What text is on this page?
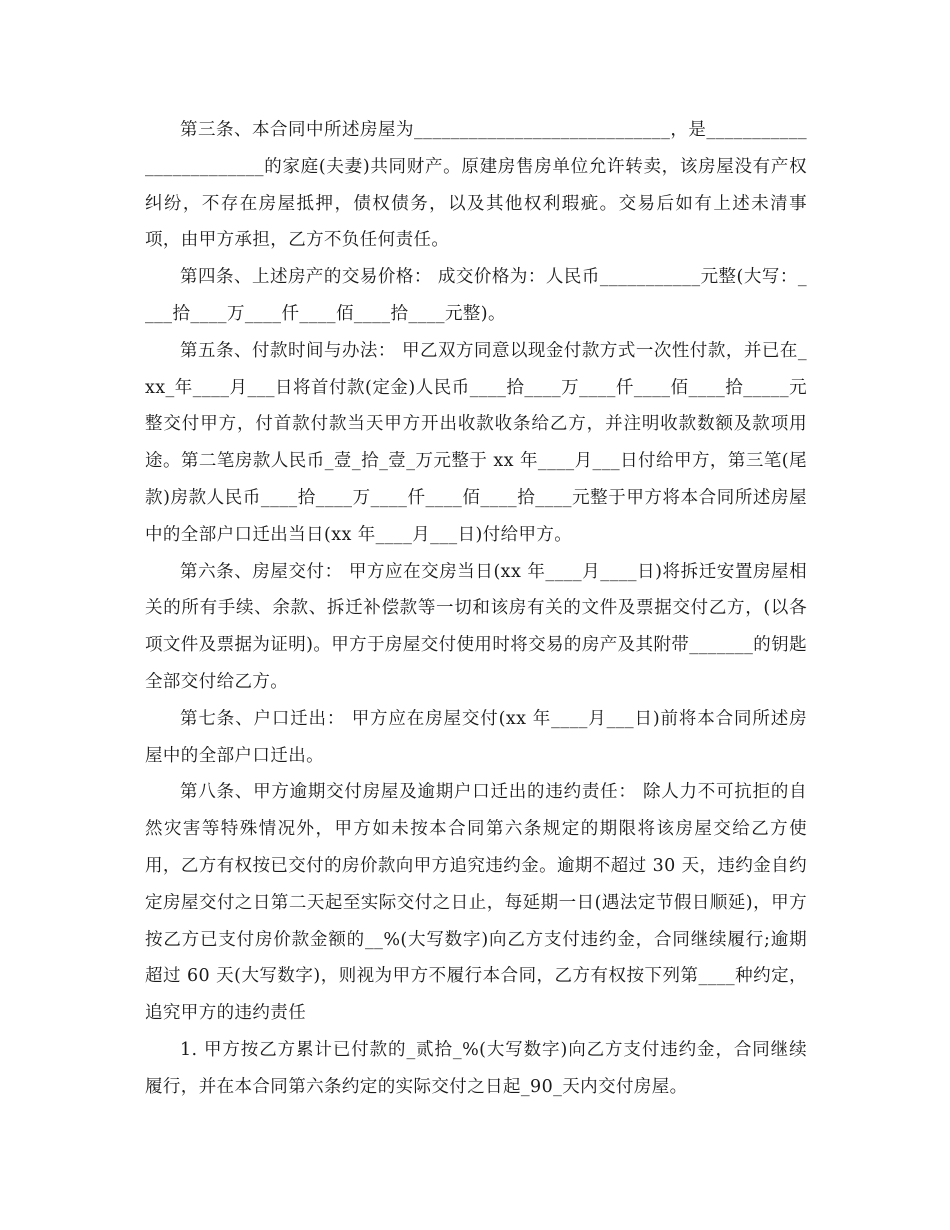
第三条、本合同中所述房屋为____________________________，是________________________的家庭(夫妻)共同财产。原建房售房单位允许转卖，该房屋没有产权纠纷，不存在房屋抵押，债权债务，以及其他权利瑕疵。交易后如有上述未清事项，由甲方承担，乙方不负任何责任。

第四条、上述房产的交易价格： 成交价格为：人民币___________元整(大写：____拾____万____仟____佰____拾____元整)。

第五条、付款时间与办法： 甲乙双方同意以现金付款方式一次性付款，并已在_xx_年____月___日将首付款(定金)人民币____拾____万____仟____佰____拾_____元整交付甲方，付首款付款当天甲方开出收款收条给乙方，并注明收款数额及款项用途。第二笔房款人民币_壹_拾_壹_万元整于 xx 年____月___日付给甲方，第三笔(尾款)房款人民币____拾____万____仟____佰____拾____元整于甲方将本合同所述房屋中的全部户口迁出当日(xx 年____月___日)付给甲方。

第六条、房屋交付： 甲方应在交房当日(xx 年____月____日)将拆迁安置房屋相关的所有手续、余款、拆迁补偿款等一切和该房有关的文件及票据交付乙方，(以各项文件及票据为证明)。甲方于房屋交付使用时将交易的房产及其附带_______的钥匙全部交付给乙方。

第七条、户口迁出： 甲方应在房屋交付(xx 年____月___日)前将本合同所述房屋中的全部户口迁出。

第八条、甲方逾期交付房屋及逾期户口迁出的违约责任： 除人力不可抗拒的自然灾害等特殊情况外，甲方如未按本合同第六条规定的期限将该房屋交给乙方使用，乙方有权按已交付的房价款向甲方追究违约金。逾期不超过 30 天，违约金自约定房屋交付之日第二天起至实际交付之日止，每延期一日(遇法定节假日顺延)，甲方按乙方已支付房价款金额的__%(大写数字)向乙方支付违约金，合同继续履行;逾期超过 60 天(大写数字)，则视为甲方不履行本合同，乙方有权按下列第____种约定，追究甲方的违约责任

1. 甲方按乙方累计已付款的_贰拾_%(大写数字)向乙方支付违约金，合同继续履行，并在本合同第六条约定的实际交付之日起_90_天内交付房屋。
